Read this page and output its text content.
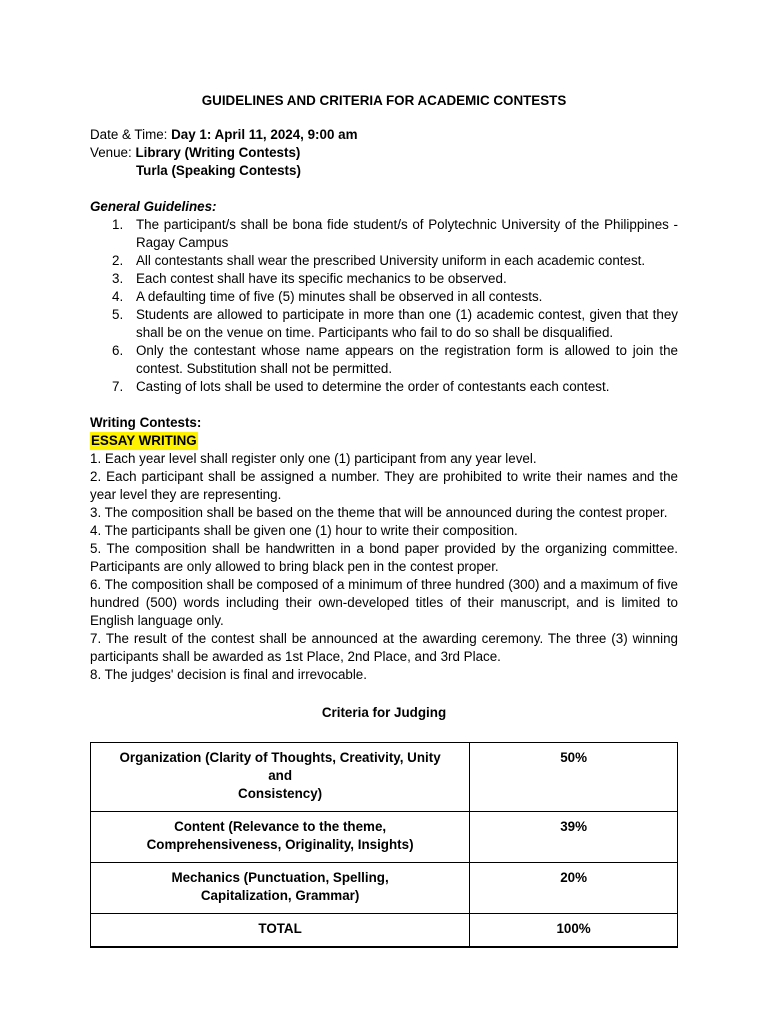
GUIDELINES AND CRITERIA FOR ACADEMIC CONTESTS
Date & Time: Day 1: April 11, 2024, 9:00 am
Venue: Library (Writing Contests)
Turla (Speaking Contests)
General Guidelines:
1. The participant/s shall be bona fide student/s of Polytechnic University of the Philippines - Ragay Campus
2. All contestants shall wear the prescribed University uniform in each academic contest.
3. Each contest shall have its specific mechanics to be observed.
4. A defaulting time of five (5) minutes shall be observed in all contests.
5. Students are allowed to participate in more than one (1) academic contest, given that they shall be on the venue on time. Participants who fail to do so shall be disqualified.
6. Only the contestant whose name appears on the registration form is allowed to join the contest. Substitution shall not be permitted.
7. Casting of lots shall be used to determine the order of contestants each contest.
Writing Contests:
ESSAY WRITING

1. Each year level shall register only one (1) participant from any year level.

2. Each participant shall be assigned a number. They are prohibited to write their names and the year level they are representing.

3. The composition shall be based on the theme that will be announced during the contest proper.

4. The participants shall be given one (1) hour to write their composition.

5. The composition shall be handwritten in a bond paper provided by the organizing committee. Participants are only allowed to bring black pen in the contest proper.

6. The composition shall be composed of a minimum of three hundred (300) and a maximum of five hundred (500) words including their own-developed titles of their manuscript, and is limited to English language only.

7. The result of the contest shall be announced at the awarding ceremony. The three (3) winning participants shall be awarded as 1st Place, 2nd Place, and 3rd Place.

8. The judges' decision is final and irrevocable.

Criteria for Judging
Organization (Clarity of Thoughts, Creativity, Unity and
Consistency)	50%
Content (Relevance to the theme,
Comprehensiveness, Originality, Insights)	39%
Mechanics (Punctuation, Spelling,
Capitalization, Grammar)	20%
TOTAL	100%
